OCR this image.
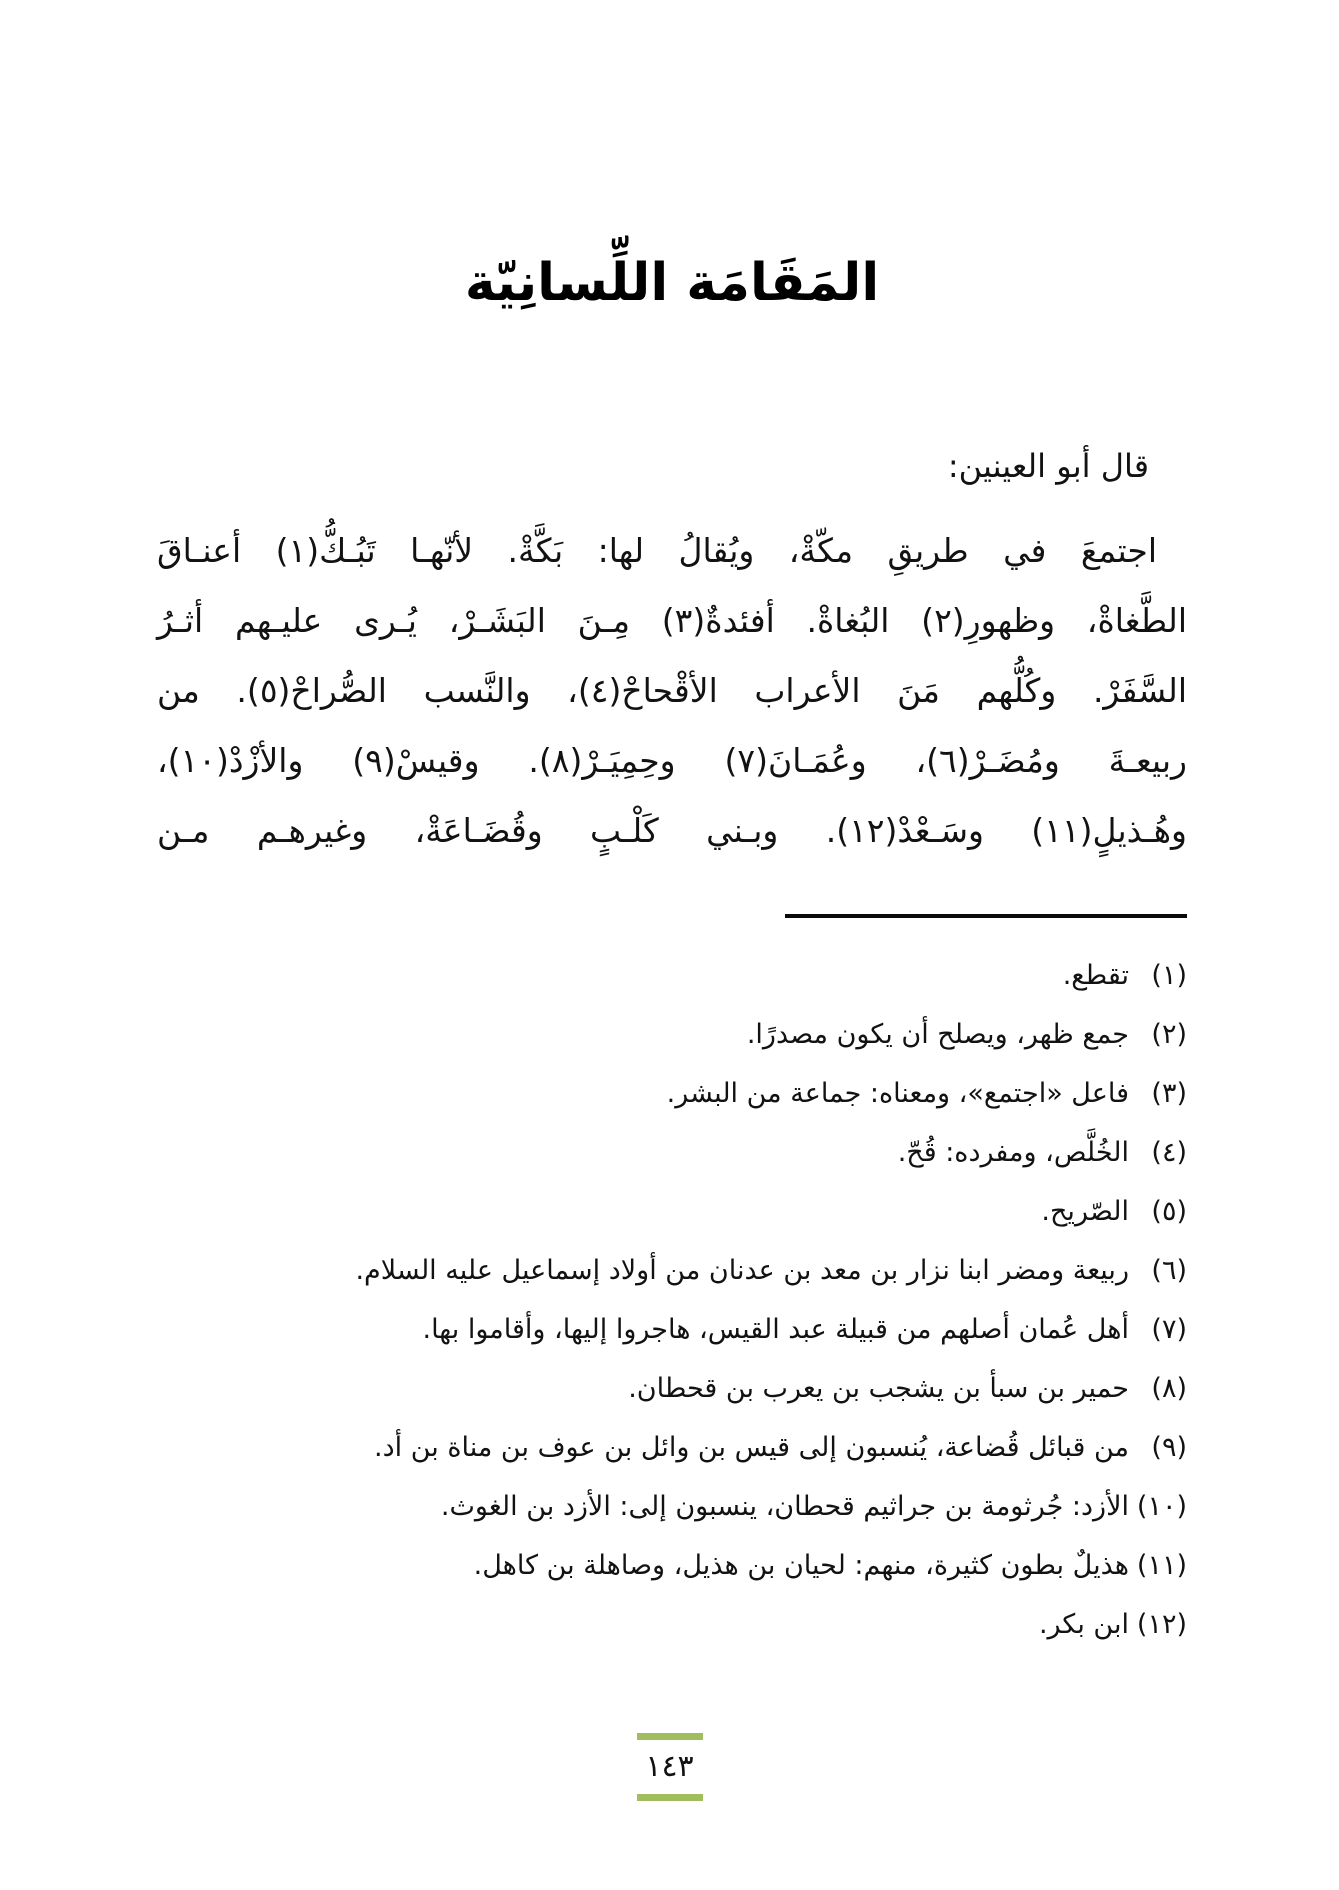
المَقَامَة اللِّسانِيّة

قال أبو العينين:

اجتمعَ في طريقِ مكّةْ، ويُقالُ لها: بَكَّةْ. لأنّهـا تَبُـكُّ(١) أعنـاقَ
الطَّغاةْ، وظهورِ(٢) البُغاةْ. أفئدةٌ(٣) مِـنَ البَشَـرْ، يُـرى عليـهم أثـرُ
السَّفَرْ. وكُلُّهم مَنَ الأعراب الأقْحاحْ(٤)، والنَّسب الصُّراحْ(٥). من
ربيعـةَ ومُضَـرْ(٦)، وعُمَـانَ(٧) وحِمِيَـرْ(٨). وقيسْ(٩) والأزْدْ(١٠)،
وهُـذيلٍ(١١) وسَـعْدْ(١٢). وبـني كَلْـبٍ وقُضَـاعَةْ، وغيرهـم مـن
(١)
تقطع.
(٢)
جمع ظهر، ويصلح أن يكون مصدرًا.
(٣)
فاعل «اجتمع»، ومعناه: جماعة من البشر.
(٤)
الخُلَّص، ومفرده: قُحّ.
(٥)
الصّريح.
(٦)
ربيعة ومضر ابنا نزار بن معد بن عدنان من أولاد إسماعيل عليه السلام.
(٧)
أهل عُمان أصلهم من قبيلة عبد القيس، هاجروا إليها، وأقاموا بها.
(٨)
حمير بن سبأ بن يشجب بن يعرب بن قحطان.
(٩)
من قبائل قُضاعة، يُنسبون إلى قيس بن وائل بن عوف بن مناة بن أد.
(١٠)
الأزد: جُرثومة بن جراثيم قحطان، ينسبون إلى: الأزد بن الغوث.
(١١)
هذيلٌ بطون كثيرة، منهم: لحيان بن هذيل، وصاهلة بن كاهل.
(١٢)
ابن بكر.
١٤٣
